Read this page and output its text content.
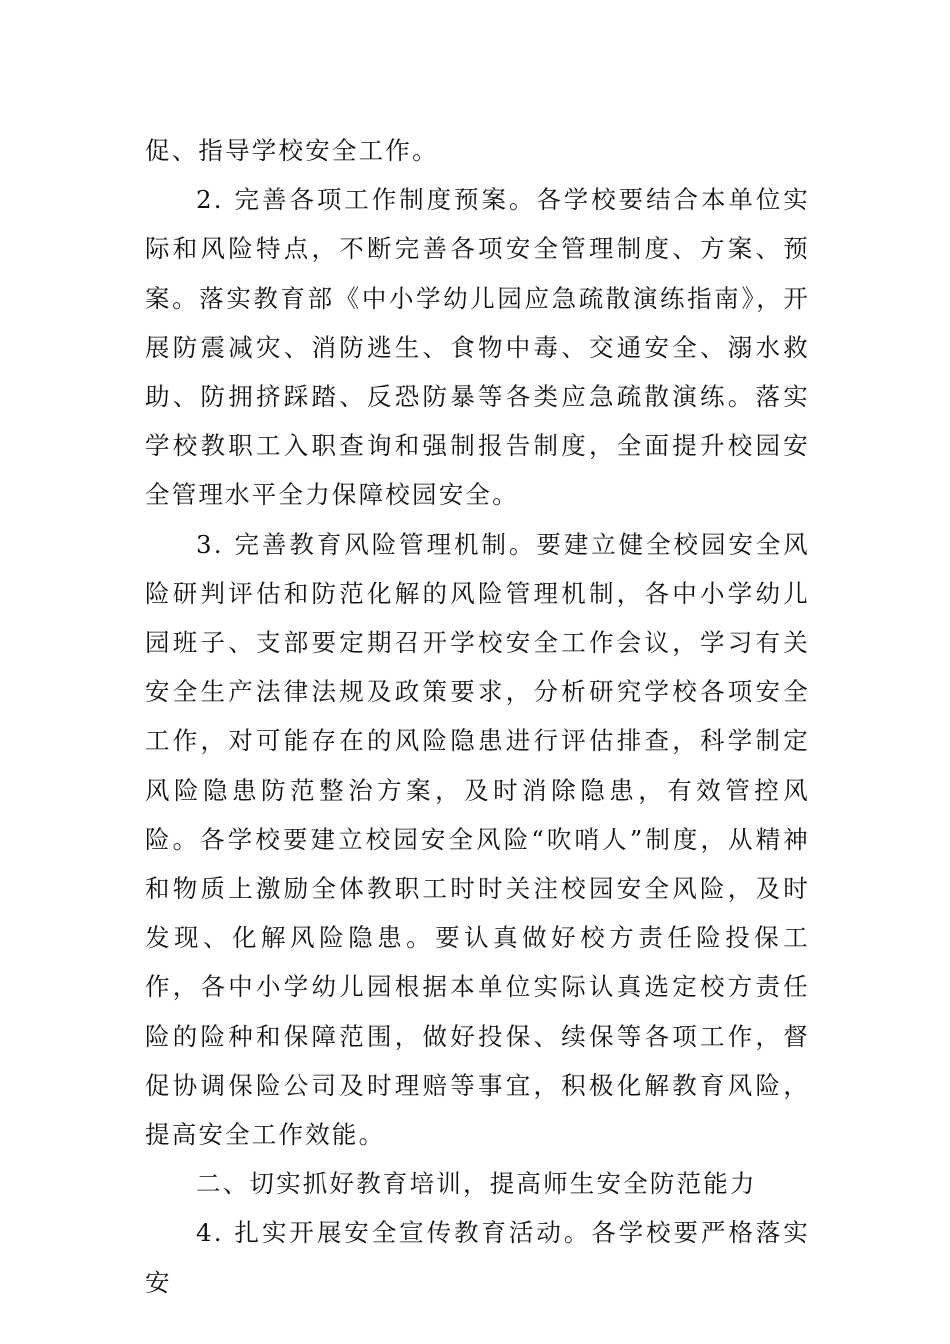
促、指导学校安全工作。

2. 完善各项工作制度预案。各学校要结合本单位实际和风险特点，不断完善各项安全管理制度、方案、预案。落实教育部《中小学幼儿园应急疏散演练指南》，开展防震减灾、消防逃生、食物中毒、交通安全、溺水救助、防拥挤踩踏、反恐防暴等各类应急疏散演练。落实学校教职工入职查询和强制报告制度，全面提升校园安全管理水平全力保障校园安全。

3. 完善教育风险管理机制。要建立健全校园安全风险研判评估和防范化解的风险管理机制，各中小学幼儿园班子、支部要定期召开学校安全工作会议，学习有关安全生产法律法规及政策要求，分析研究学校各项安全工作，对可能存在的风险隐患进行评估排查，科学制定风险隐患防范整治方案，及时消除隐患，有效管控风险。各学校要建立校园安全风险“吹哨人”制度，从精神和物质上激励全体教职工时时关注校园安全风险，及时发现、化解风险隐患。要认真做好校方责任险投保工作，各中小学幼儿园根据本单位实际认真选定校方责任险的险种和保障范围，做好投保、续保等各项工作，督促协调保险公司及时理赔等事宜，积极化解教育风险，提高安全工作效能。

二、切实抓好教育培训，提高师生安全防范能力

4. 扎实开展安全宣传教育活动。各学校要严格落实安
